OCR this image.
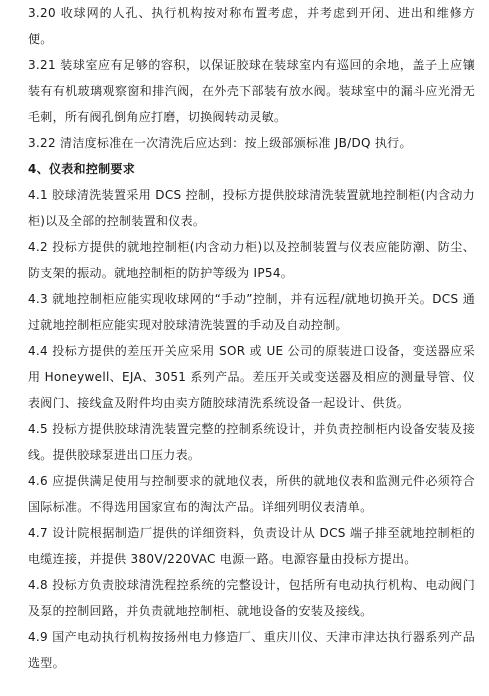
3.20 收球网的人孔、执行机构按对称布置考虑，并考虑到开闭、进出和维修方便。

3.21 装球室应有足够的容积，以保证胶球在装球室内有巡回的余地，盖子上应镶装有有机玻璃观察窗和排汽阀，在外壳下部装有放水阀。装球室中的漏斗应光滑无毛刺，所有阀孔倒角应打磨，切换阀转动灵敏。

3.22 清洁度标准在一次清洗后应达到：按上级部颁标准 JB/DQ 执行。

4、仪表和控制要求

4.1 胶球清洗装置采用 DCS 控制，投标方提供胶球清洗装置就地控制柜(内含动力柜)以及全部的控制装置和仪表。

4.2 投标方提供的就地控制柜(内含动力柜)以及控制装置与仪表应能防潮、防尘、防支架的振动。就地控制柜的防护等级为 IP54。

4.3 就地控制柜应能实现收球网的“手动”控制，并有远程/就地切换开关。DCS 通过就地控制柜应能实现对胶球清洗装置的手动及自动控制。

4.4 投标方提供的差压开关应采用 SOR 或 UE 公司的原装进口设备，变送器应采用 Honeywell、EJA、3051 系列产品。差压开关或变送器及相应的测量导管、仪表阀门、接线盒及附件均由卖方随胶球清洗系统设备一起设计、供货。

4.5 投标方提供胶球清洗装置完整的控制系统设计，并负责控制柜内设备安装及接线。提供胶球泵进出口压力表。

4.6 应提供满足使用与控制要求的就地仪表，所供的就地仪表和监测元件必须符合国际标准。不得选用国家宣布的淘汰产品。详细列明仪表清单。

4.7 设计院根据制造厂提供的详细资料，负责设计从 DCS 端子排至就地控制柜的电缆连接，并提供 380V/220VAC 电源一路。电源容量由投标方提出。

4.8 投标方负责胶球清洗程控系统的完整设计，包括所有电动执行机构、电动阀门及泵的控制回路，并负责就地控制柜、就地设备的安装及接线。

4.9 国产电动执行机构按扬州电力修造厂、重庆川仪、天津市津达执行器系列产品选型。
